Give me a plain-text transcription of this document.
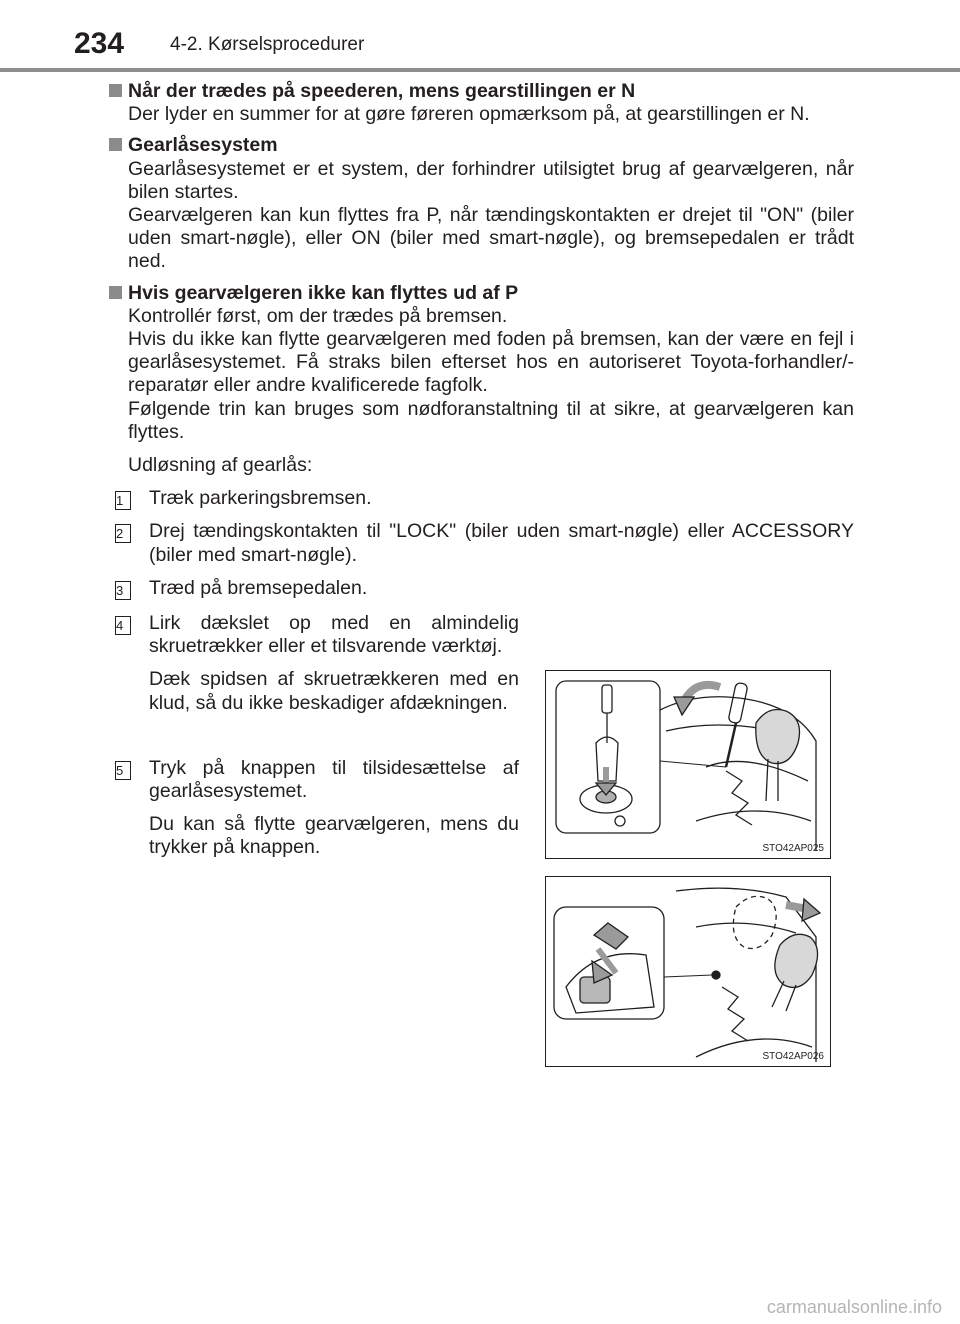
234 4-2. Kørselsprocedurer
Når der trædes på speederen, mens gearstillingen er N
Der lyder en summer for at gøre føreren opmærksom på, at gearstillingen er N.
Gearlåsesystem
Gearlåsesystemet er et system, der forhindrer utilsigtet brug af gearvælgeren, når bilen startes.
Gearvælgeren kan kun flyttes fra P, når tændingskontakten er drejet til "ON" (biler uden smart-nøgle), eller ON (biler med smart-nøgle), og bremsepedalen er trådt ned.
Hvis gearvælgeren ikke kan flyttes ud af P
Kontrollér først, om der trædes på bremsen.
Hvis du ikke kan flytte gearvælgeren med foden på bremsen, kan der være en fejl i gearlåsesystemet. Få straks bilen efterset hos en autoriseret Toyota-forhandler/-reparatør eller andre kvalificerede fagfolk.
Følgende trin kan bruges som nødforanstaltning til at sikre, at gearvælgeren kan flyttes.
Udløsning af gearlås:
1	Træk parkeringsbremsen.
2	Drej tændingskontakten til "LOCK" (biler uden smart-nøgle) eller ACCESSORY (biler med smart-nøgle).
3	Træd på bremsepedalen.
4	Lirk dækslet op med en almindelig skruetrækker eller et tilsvarende værktøj.
Dæk spidsen af skruetrækkeren med en klud, så du ikke beskadiger afdækningen.
5	Tryk på knappen til tilsidesættelse af gearlåsesystemet.
Du kan så flytte gearvælgeren, mens du trykker på knappen.	STO42AP025
STO42AP026
carmanualsonline.info
